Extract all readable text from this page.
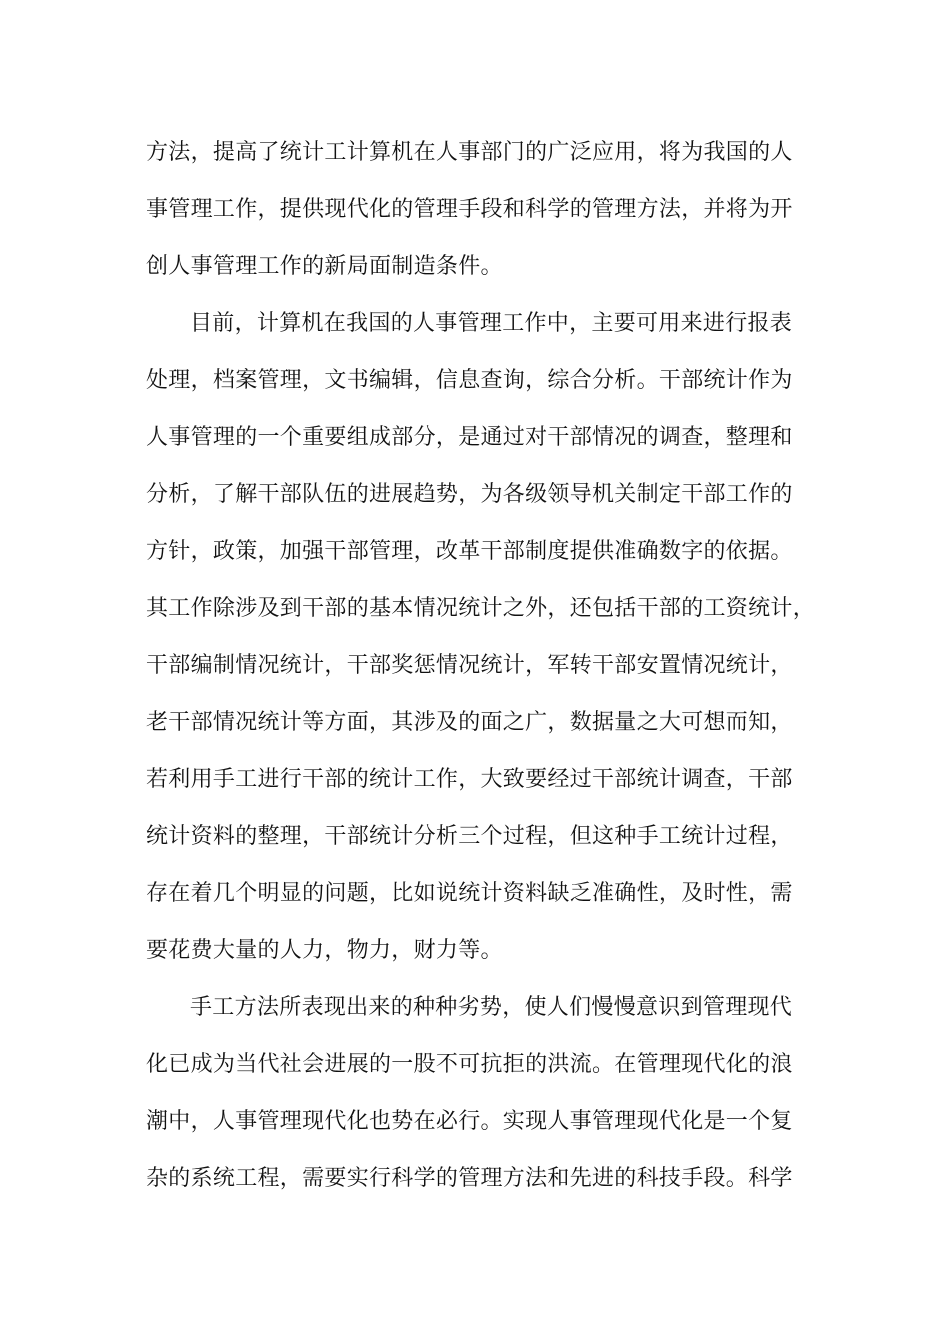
方法，提高了统计工计算机在人事部门的广泛应用，将为我国的人
事管理工作，提供现代化的管理手段和科学的管理方法，并将为开
创人事管理工作的新局面制造条件。
目前，计算机在我国的人事管理工作中，主要可用来进行报表
处理，档案管理，文书编辑，信息查询，综合分析。干部统计作为
人事管理的一个重要组成部分，是通过对干部情况的调查，整理和
分析，了解干部队伍的进展趋势，为各级领导机关制定干部工作的
方针，政策，加强干部管理，改革干部制度提供准确数字的依据。
其工作除涉及到干部的基本情况统计之外，还包括干部的工资统计，
干部编制情况统计，干部奖惩情况统计，军转干部安置情况统计，
老干部情况统计等方面，其涉及的面之广，数据量之大可想而知，
若利用手工进行干部的统计工作，大致要经过干部统计调查，干部
统计资料的整理，干部统计分析三个过程，但这种手工统计过程，
存在着几个明显的问题，比如说统计资料缺乏准确性，及时性，需
要花费大量的人力，物力，财力等。
手工方法所表现出来的种种劣势，使人们慢慢意识到管理现代
化已成为当代社会进展的一股不可抗拒的洪流。在管理现代化的浪
潮中，人事管理现代化也势在必行。实现人事管理现代化是一个复
杂的系统工程，需要实行科学的管理方法和先进的科技手段。科学
